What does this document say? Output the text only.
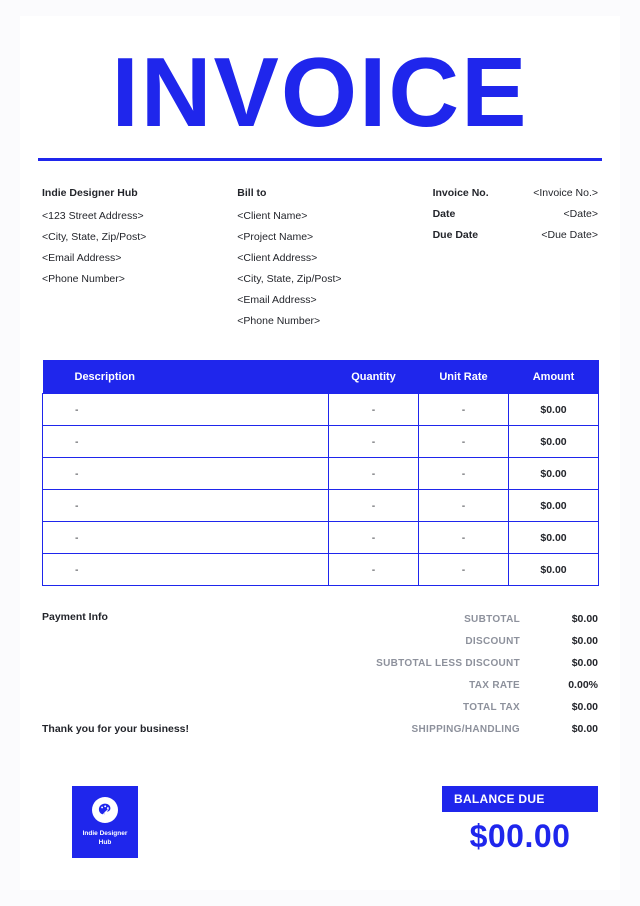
INVOICE
Indie Designer Hub
<123 Street Address>
<City, State, Zip/Post>
<Email Address>
<Phone Number>
Bill to
<Client Name>
<Project Name>
<Client Address>
<City, State, Zip/Post>
<Email Address>
<Phone Number>
Invoice No.	<Invoice No.>
Date	<Date>
Due Date	<Due Date>
Description	Quantity	Unit Rate	Amount
-	-	-	$0.00
-	-	-	$0.00
-	-	-	$0.00
-	-	-	$0.00
-	-	-	$0.00
-	-	-	$0.00
Payment Info
Thank you for your business!
SUBTOTAL	$0.00
DISCOUNT	$0.00
SUBTOTAL LESS DISCOUNT	$0.00
TAX RATE	0.00%
TOTAL TAX	$0.00
SHIPPING/HANDLING	$0.00
Indie Designer
Hub
BALANCE DUE
$00.00
